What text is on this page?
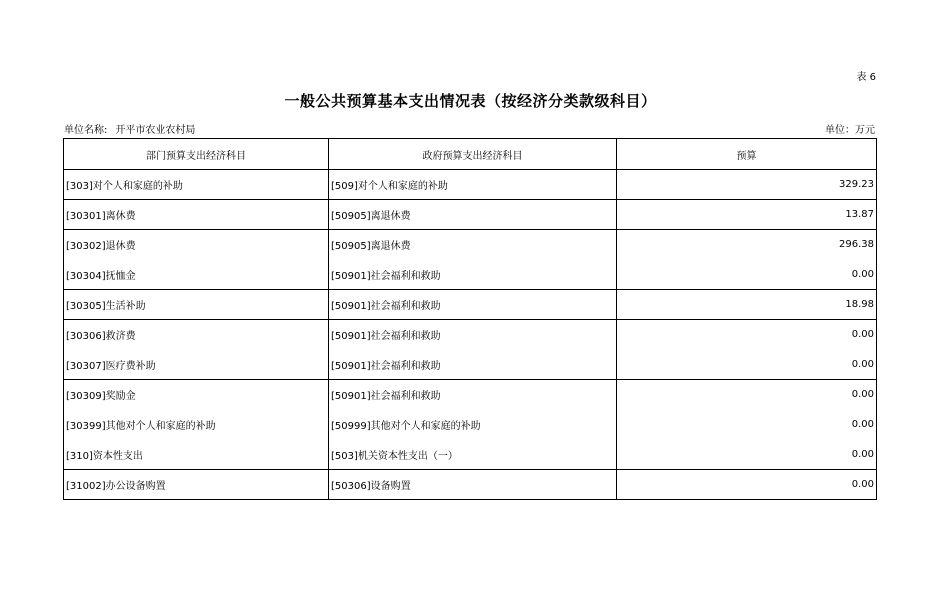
表 6
一般公共预算基本支出情况表（按经济分类款级科目）
单位名称: 开平市农业农村局	单位：万元
部门预算支出经济科目	政府预算支出经济科目	预算
[303]对个人和家庭的补助	[509]对个人和家庭的补助	329.23
[30301]离休费	[50905]离退休费	13.87
[30302]退休费	[50905]离退休费	296.38
[30304]抚恤金	[50901]社会福利和救助	0.00
[30305]生活补助	[50901]社会福利和救助	18.98
[30306]救济费	[50901]社会福利和救助	0.00
[30307]医疗费补助	[50901]社会福利和救助	0.00
[30309]奖励金	[50901]社会福利和救助	0.00
[30399]其他对个人和家庭的补助	[50999]其他对个人和家庭的补助	0.00
[310]资本性支出	[503]机关资本性支出（一）	0.00
[31002]办公设备购置	[50306]设备购置	0.00
